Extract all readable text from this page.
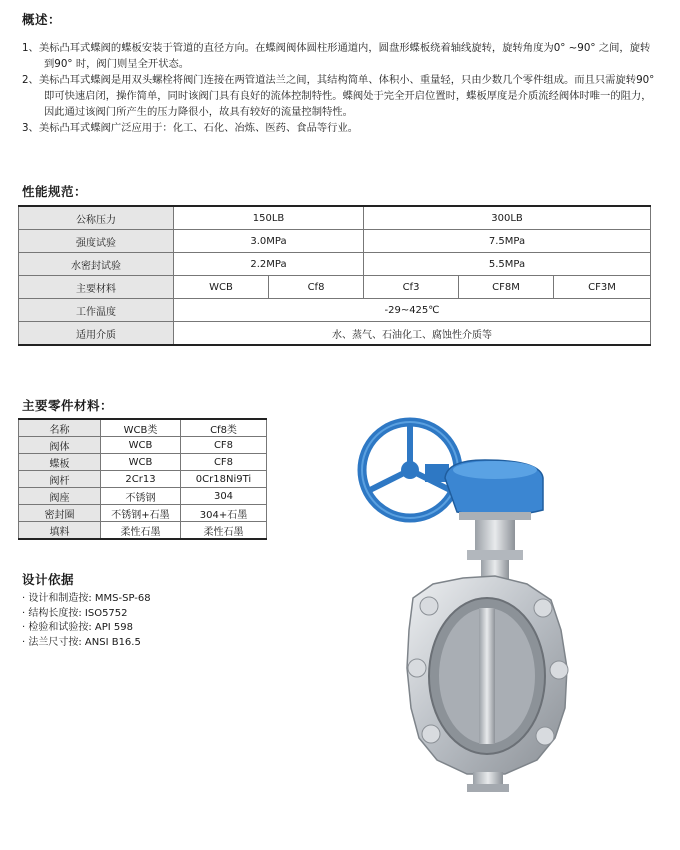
概述：

1、美标凸耳式蝶阀的蝶板安装于管道的直径方向。在蝶阀阀体圆柱形通道内，圆盘形蝶板绕着轴线旋转，旋转角度为0° ~90° 之间，旋转到90° 时，阀门则呈全开状态。

2、美标凸耳式蝶阀是用双头螺栓将阀门连接在两管道法兰之间，其结构简单、体积小、重量轻，只由少数几个零件组成。而且只需旋转90° 即可快速启闭，操作简单，同时该阀门具有良好的流体控制特性。蝶阀处于完全开启位置时，蝶板厚度是介质流经阀体时唯一的阻力，因此通过该阀门所产生的压力降很小，故具有较好的流量控制特性。

3、美标凸耳式蝶阀广泛应用于：化工、石化、冶炼、医药、食品等行业。

性能规范：
公称压力	150LB		300LB		
强度试验	3.0MPa		7.5MPa		
水密封试验	2.2MPa		5.5MPa		
主要材料	WCB	Cf8	Cf3	CF8M	CF3M
工作温度	-29~425℃				
适用介质	水、蒸气、石油化工、腐蚀性介质等				
主要零件材料：
名称	WCB类	Cf8类
阀体	WCB	CF8
蝶板	WCB	CF8
阀杆	2Cr13	0Cr18Ni9Ti
阀座	不锈钢	304
密封圈	不锈钢+石墨	304+石墨
填料	柔性石墨	柔性石墨
设计依据
· 设计和制造按: MMS-SP-68
· 结构长度按: ISO5752
· 检验和试验按: API 598
· 法兰尺寸按: ANSI B16.5
